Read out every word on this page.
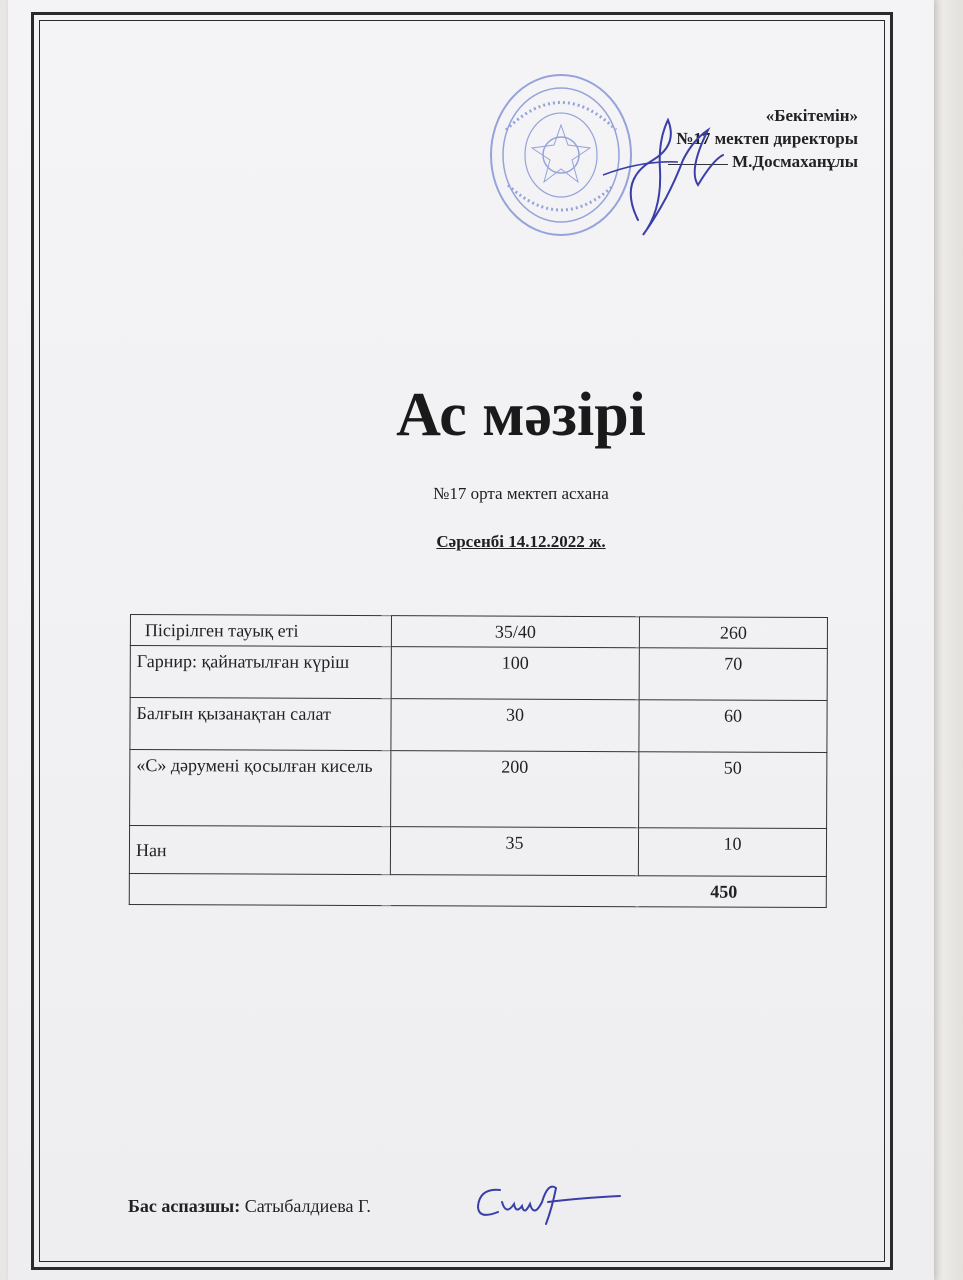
«Бекітемін»
№17 мектеп директоры
М.Досмаханұлы
Ас мәзірі
№17 орта мектеп асхана
Сәрсенбі 14.12.2022 ж.
Пісірілген тауық еті	35/40	260
Гарнир: қайнатылған күріш	100	70
Балғын қызанақтан салат	30	60
«С» дәрумені қосылған кисель	200	50
Нан	35	10
		450
Бас аспазшы: Сатыбалдиева Г.
